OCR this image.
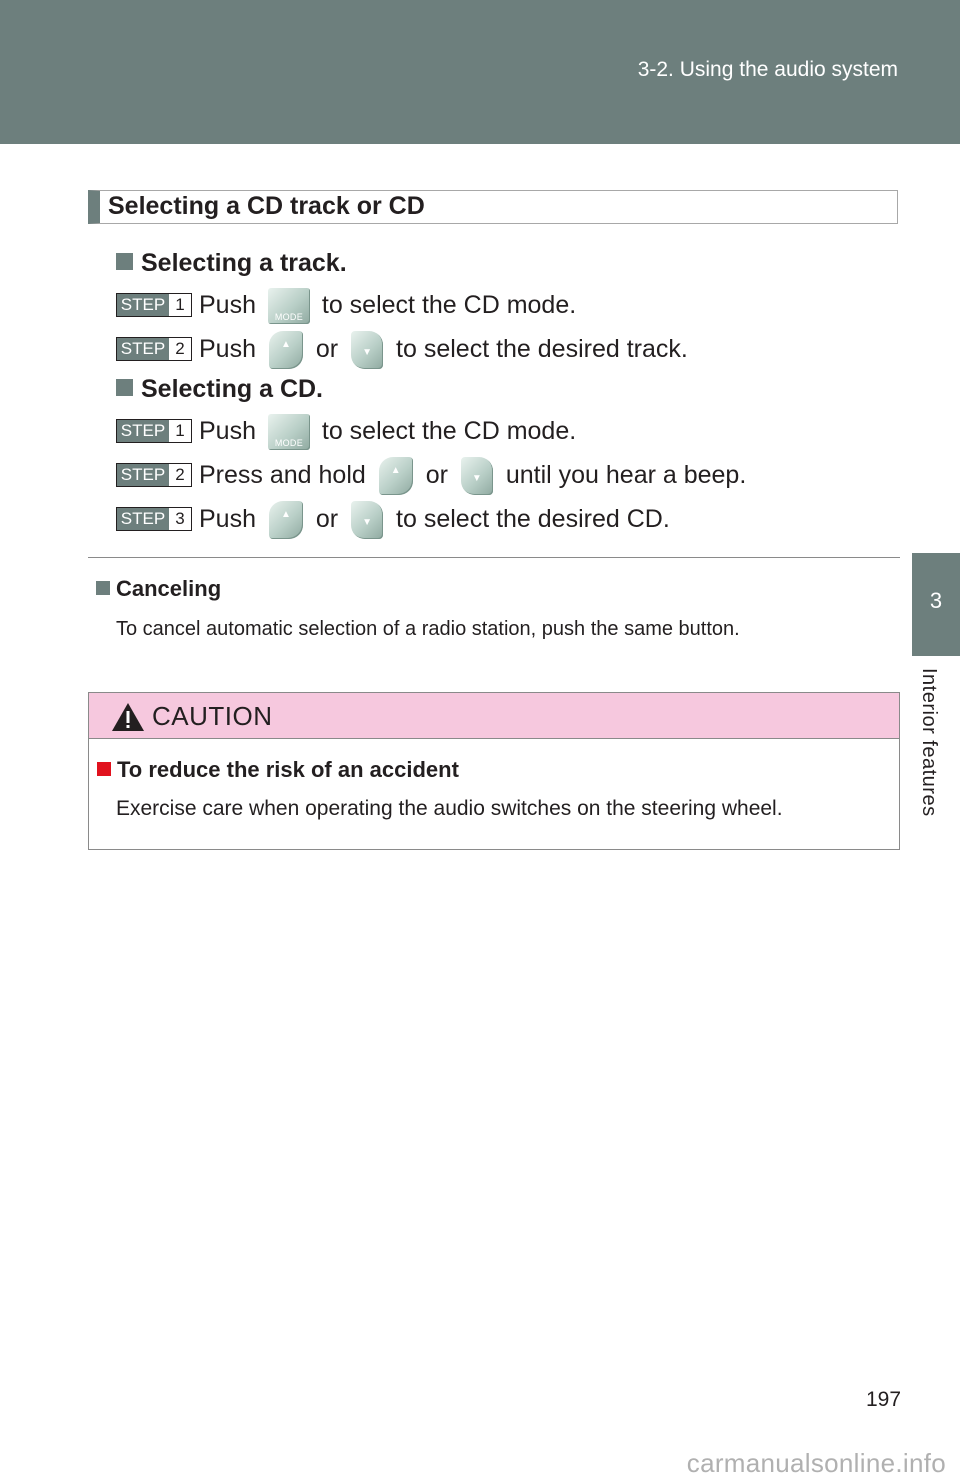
3-2. Using the audio system
3
Interior features
Selecting a CD track or CD
Selecting a track.
STEP 1 Push	MODE to select the CD mode.
STEP 2 Push	▲	or	▼ to select the desired track.
Selecting a CD.
STEP 1 Push	MODE to select the CD mode.
STEP 2 Press and hold	▲	or	▼ until you hear a beep.
STEP 3 Push	▲	or	▼ to select the desired CD.
Canceling
To cancel automatic selection of a radio station, push the same button.
CAUTION
To reduce the risk of an accident
Exercise care when operating the audio switches on the steering wheel.
197
carmanualsonline.info
